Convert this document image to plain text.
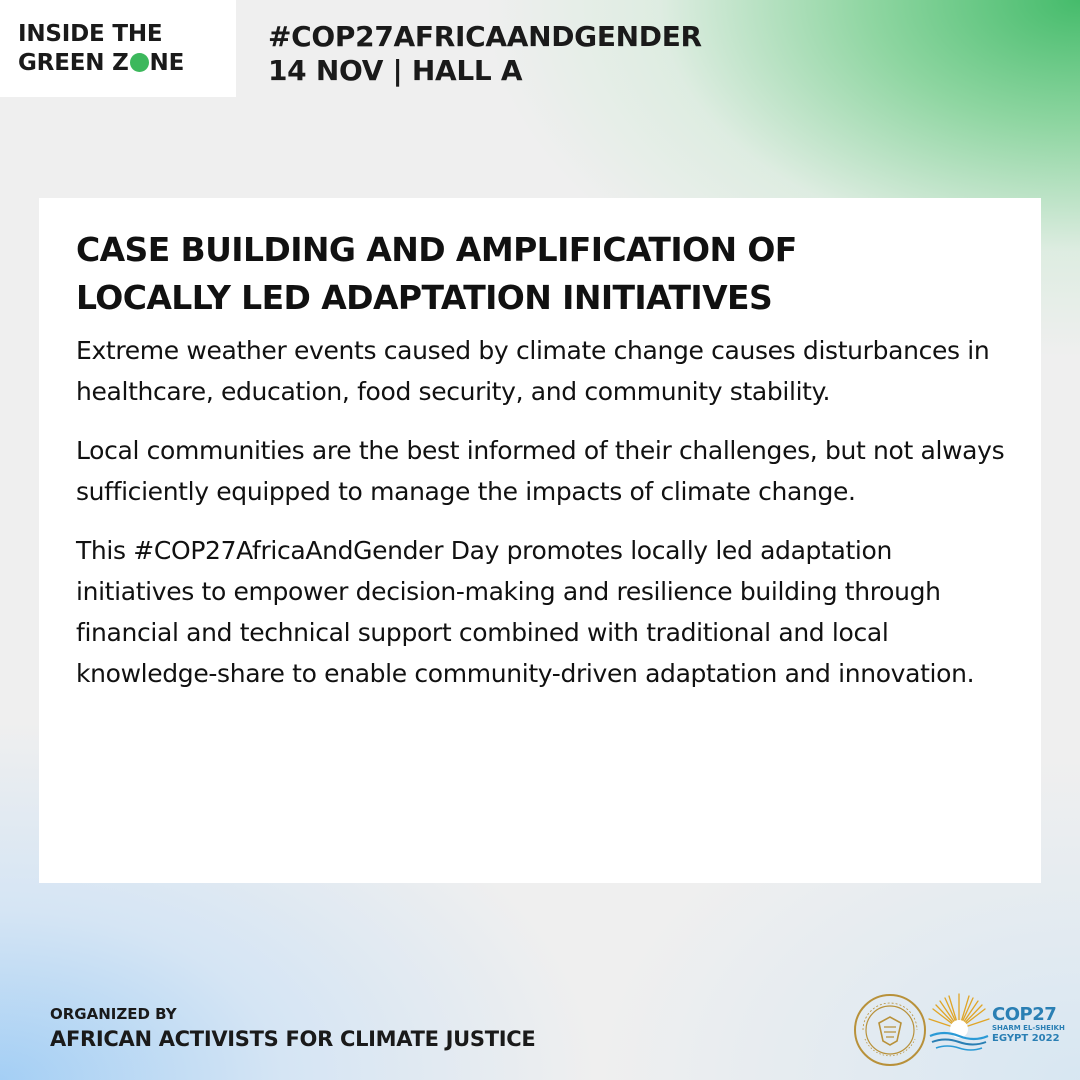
INSIDE THE
GREEN Z NE
#COP27AFRICAANDGENDER
14 NOV | HALL A
CASE BUILDING AND AMPLIFICATION OF
LOCALLY LED ADAPTATION INITIATIVES

Extreme weather events caused by climate change causes disturbances in healthcare, education, food security, and community stability.

Local communities are the best informed of their challenges, but not always sufficiently equipped to manage the impacts of climate change.

This #COP27AfricaAndGender Day promotes locally led adaptation initiatives to empower decision-making and resilience building through financial and technical support combined with traditional and local knowledge-share to enable community-driven adaptation and innovation.

ORGANIZED BY
AFRICAN ACTIVISTS FOR CLIMATE JUSTICE
COP27
SHARM EL-SHEIKH
EGYPT 2022
